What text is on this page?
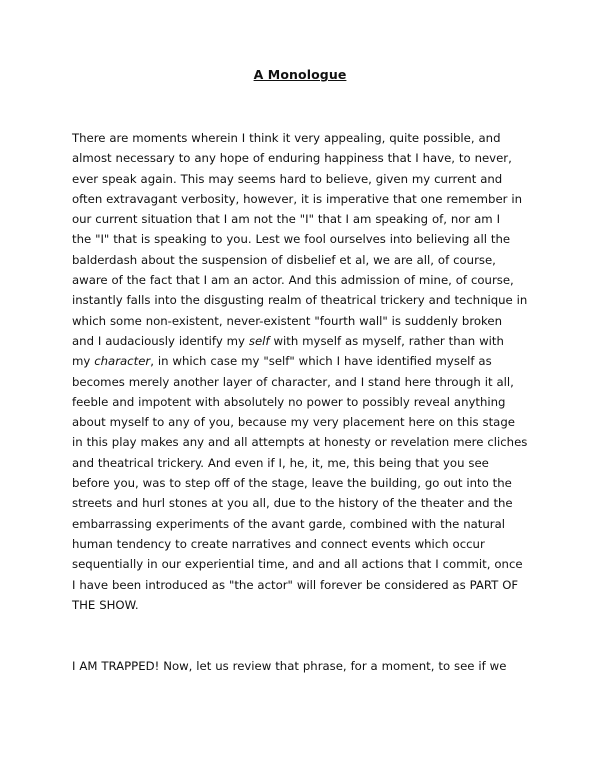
A Monologue
There are moments wherein I think it very appealing, quite possible, and
almost necessary to any hope of enduring happiness that I have, to never,
ever speak again. This may seems hard to believe, given my current and
often extravagant verbosity, however, it is imperative that one remember in
our current situation that I am not the "I" that I am speaking of, nor am I
the "I" that is speaking to you. Lest we fool ourselves into believing all the
balderdash about the suspension of disbelief et al, we are all, of course,
aware of the fact that I am an actor. And this admission of mine, of course,
instantly falls into the disgusting realm of theatrical trickery and technique in
which some non-existent, never-existent "fourth wall" is suddenly broken
and I audaciously identify my self with myself as myself, rather than with
my character, in which case my "self" which I have identified myself as
becomes merely another layer of character, and I stand here through it all,
feeble and impotent with absolutely no power to possibly reveal anything
about myself to any of you, because my very placement here on this stage
in this play makes any and all attempts at honesty or revelation mere cliches
and theatrical trickery. And even if I, he, it, me, this being that you see
before you, was to step off of the stage, leave the building, go out into the
streets and hurl stones at you all, due to the history of the theater and the
embarrassing experiments of the avant garde, combined with the natural
human tendency to create narratives and connect events which occur
sequentially in our experiential time, and and all actions that I commit, once
I have been introduced as "the actor" will forever be considered as PART OF
THE SHOW.
I AM TRAPPED! Now, let us review that phrase, for a moment, to see if we
